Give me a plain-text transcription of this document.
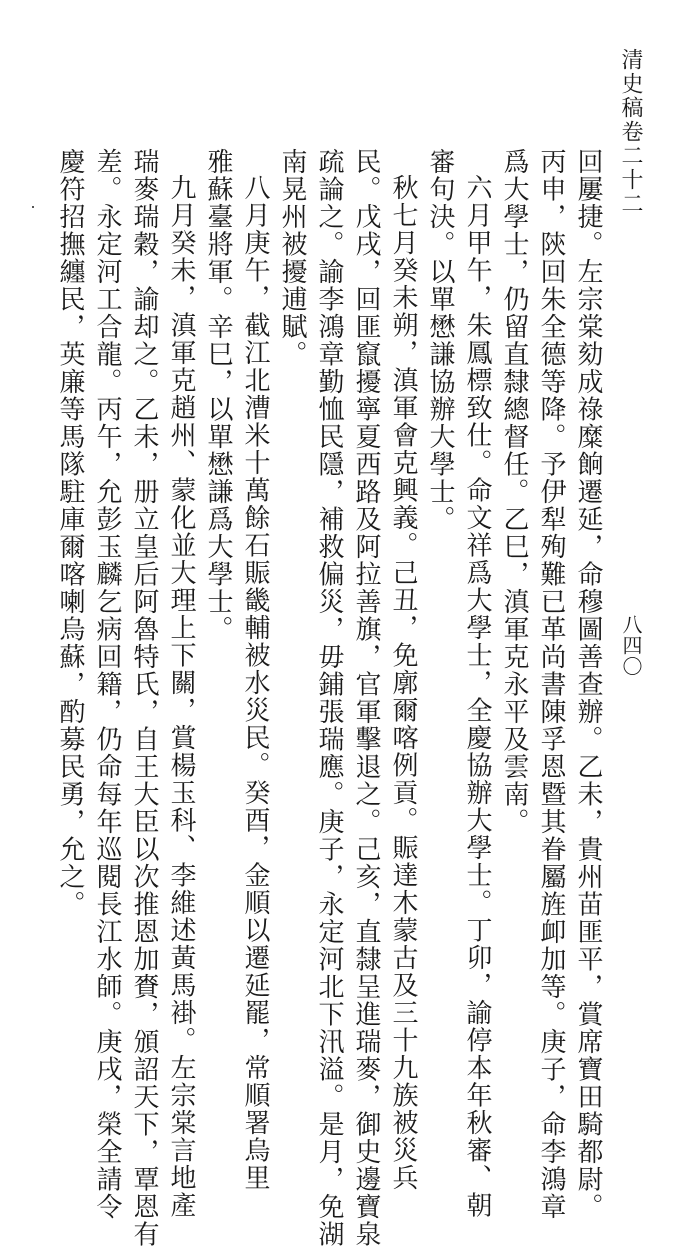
清史稿卷二十二
八四〇
回屢捷。左宗棠劾成祿糜餉遷延，命穆圖善查辦。乙未，貴州苗匪平，賞席寶田騎都尉。
丙申，陝回朱全德等降。予伊犁殉難已革尚書陳孚恩暨其眷屬旌卹加等。庚子，命李鴻章
爲大學士，仍留直隸總督任。乙巳，滇軍克永平及雲南。
六月甲午，朱鳳標致仕。命文祥爲大學士，全慶協辦大學士。丁卯，諭停本年秋審、朝
審句決。以單懋謙協辦大學士。
秋七月癸未朔，滇軍會克興義。己丑，免廓爾喀例貢。賑達木蒙古及三十九族被災兵
民。戊戌，回匪竄擾寧夏西路及阿拉善旗，官軍擊退之。己亥，直隸呈進瑞麥，御史邊寶泉
疏論之。諭李鴻章勤恤民隱，補救偏災，毋鋪張瑞應。庚子，永定河北下汛溢。是月，免湖
南晃州被擾逋賦。
八月庚午，截江北漕米十萬餘石賑畿輔被水災民。癸酉，金順以遷延罷，常順署烏里
雅蘇臺將軍。辛巳，以單懋謙爲大學士。
九月癸未，滇軍克趙州、蒙化並大理上下關，賞楊玉科、李維述黃馬褂。左宗棠言地產
瑞麥瑞穀，諭却之。乙未，册立皇后阿魯特氏，自王大臣以次推恩加賚，頒詔天下，覃恩有
差。永定河工合龍。丙午，允彭玉麟乞病回籍，仍命每年巡閱長江水師。庚戌，榮全請令
慶符招撫纏民，英廉等馬隊駐庫爾喀喇烏蘇，酌募民勇，允之。
